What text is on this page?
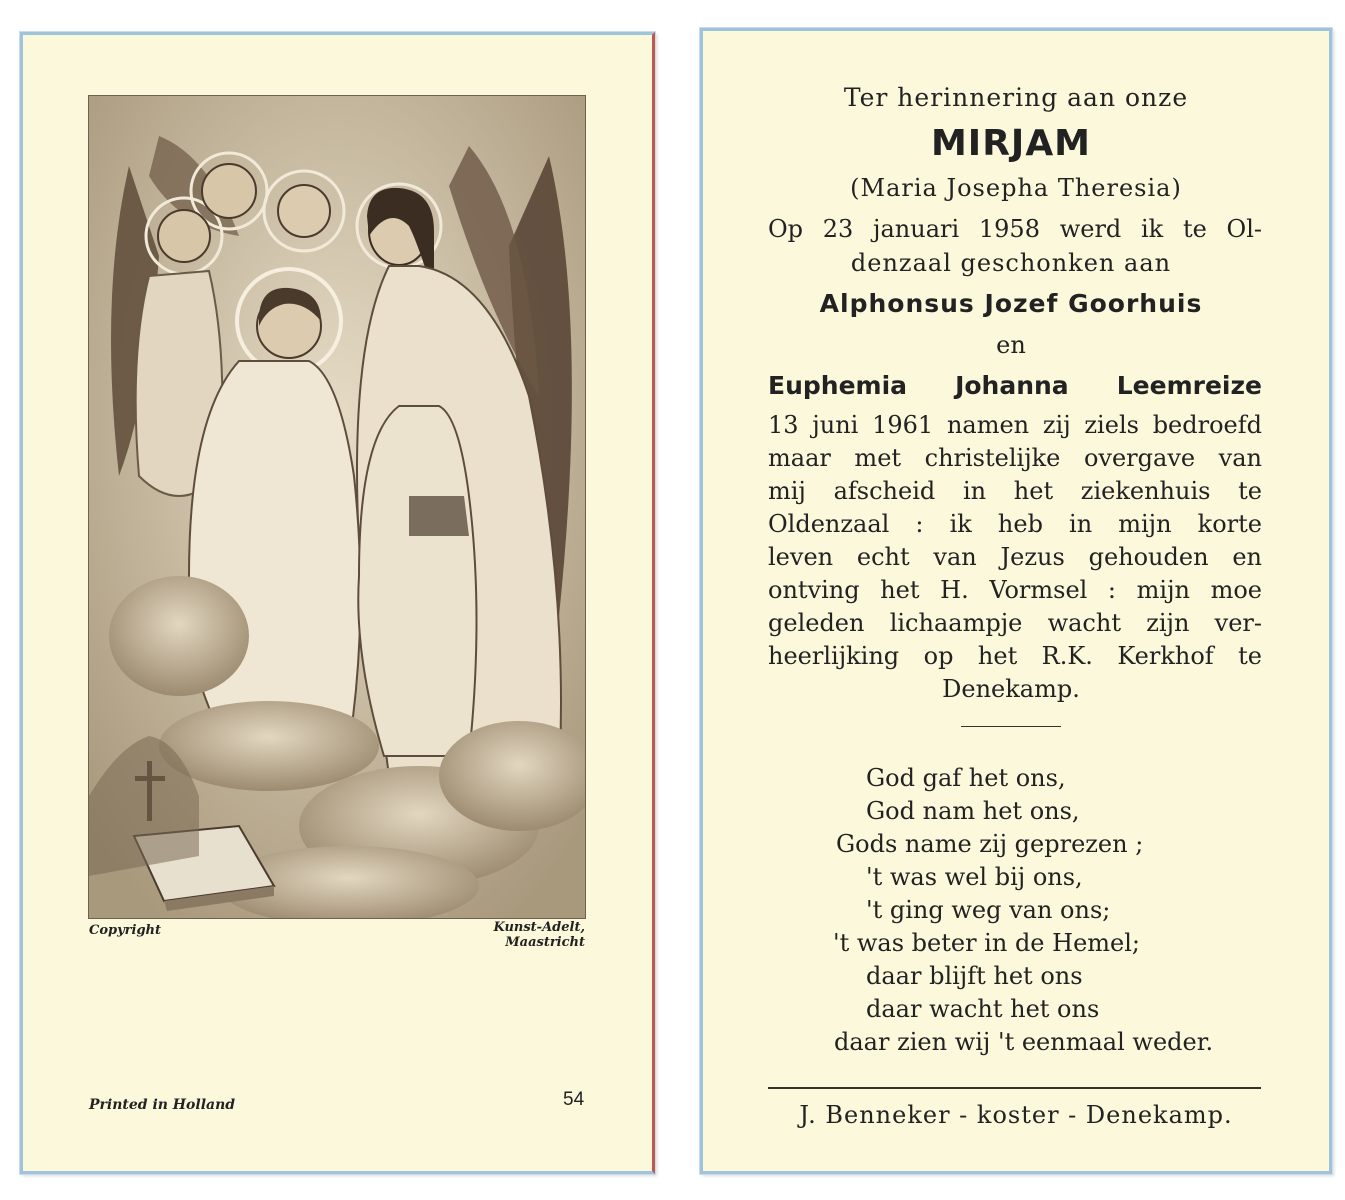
Copyright	Kunst-Adelt, Maastricht
Printed in Holland	54
Ter herinnering aan onze
MIRJAM
(Maria Josepha Theresia)
Op 23 januari 1958 werd ik te Ol-
denzaal geschonken aan
Alphonsus Jozef Goorhuis
en
Euphemia Johanna Leemreize
13 juni 1961 namen zij ziels bedroefd
maar met christelijke overgave van
mij afscheid in het ziekenhuis te
Oldenzaal : ik heb in mijn korte
leven echt van Jezus gehouden en
ontving het H. Vormsel : mijn moe
geleden lichaampje wacht zijn ver-
heerlijking op het R.K. Kerkhof te
Denekamp.
God gaf het ons,
God nam het ons,
Gods name zij geprezen ;
't was wel bij ons,
't ging weg van ons;
't was beter in de Hemel;
daar blijft het ons
daar wacht het ons
daar zien wij 't eenmaal weder.
J. Benneker - koster - Denekamp.
